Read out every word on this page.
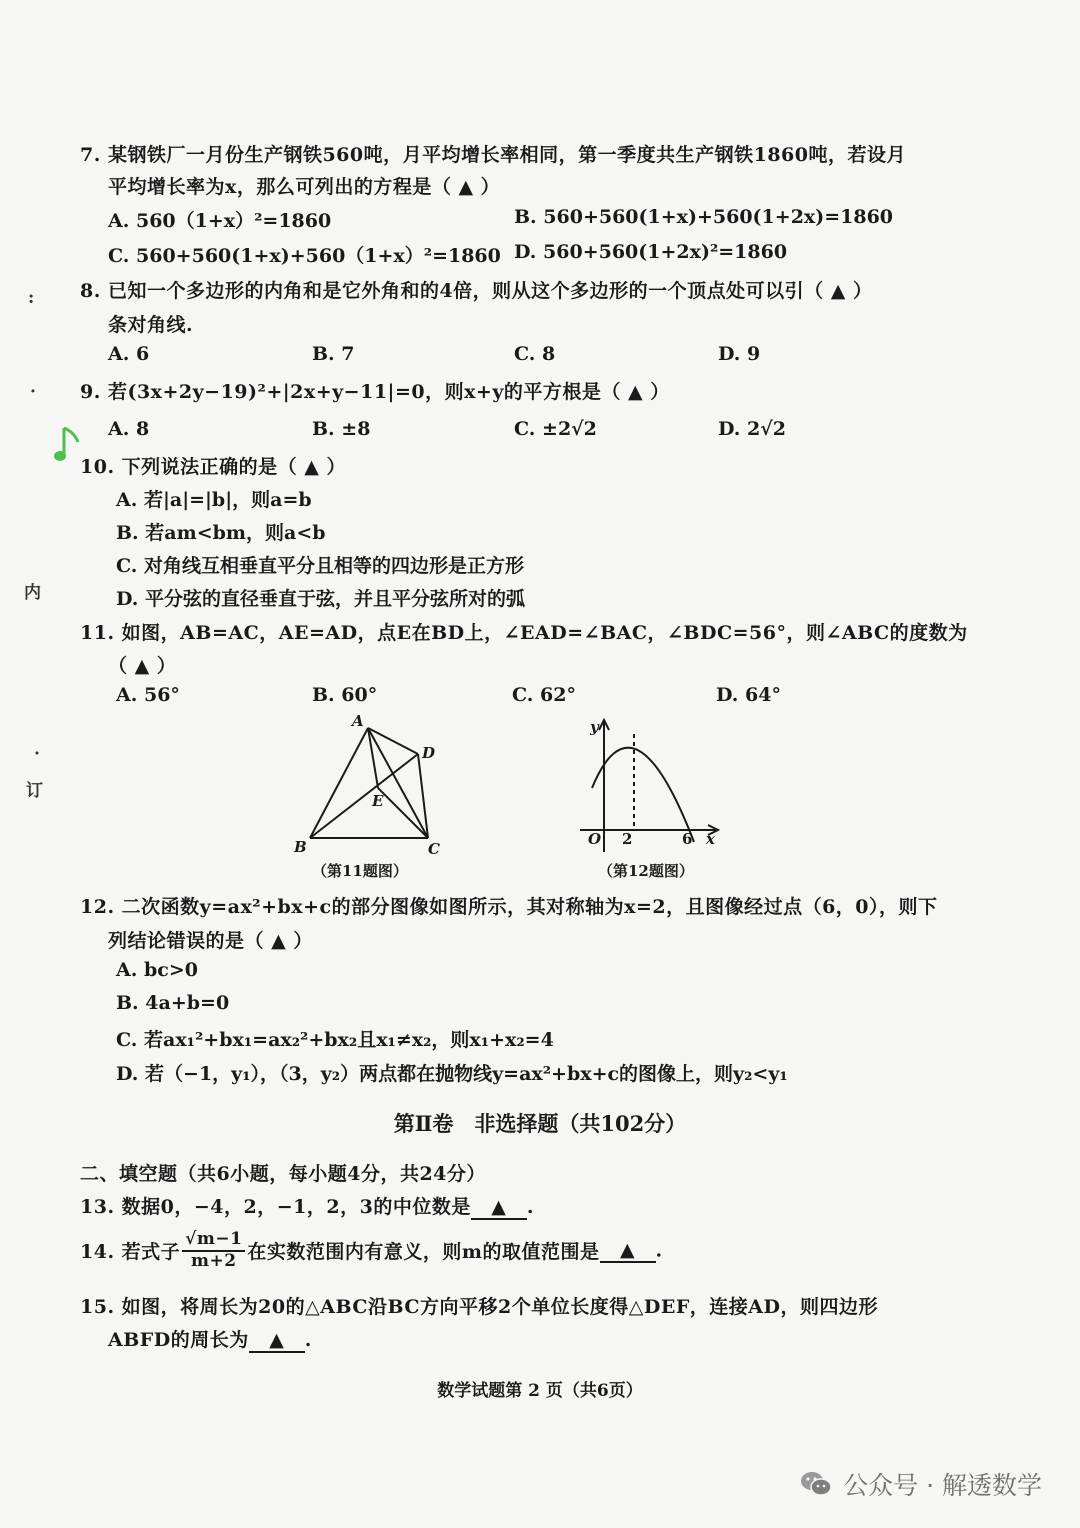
:
·
内
·
订
7. 某钢铁厂一月份生产钢铁560吨，月平均增长率相同，第一季度共生产钢铁1860吨，若设月
平均增长率为x，那么可列出的方程是（ ▲ ）
A. 560（1+x）²=1860	B. 560+560(1+x)+560(1+2x)=1860
C. 560+560(1+x)+560（1+x）²=1860 D. 560+560(1+2x)²=1860
8. 已知一个多边形的内角和是它外角和的4倍，则从这个多边形的一个顶点处可以引（ ▲ ）
条对角线.
A. 6	B. 7	C. 8	D. 9
9. 若(3x+2y−19)²+|2x+y−11|=0，则x+y的平方根是（ ▲ ）
A. 8	B. ±8	C. ±2√2	D. 2√2
10. 下列说法正确的是（ ▲ ）
A. 若|a|=|b|，则a=b
B. 若am<bm，则a<b
C. 对角线互相垂直平分且相等的四边形是正方形
D. 平分弦的直径垂直于弦，并且平分弦所对的弧
11. 如图，AB=AC，AE=AD，点E在BD上，∠EAD=∠BAC，∠BDC=56°，则∠ABC的度数为
（ ▲ ）
A. 56°	B. 60°	C. 62°	D. 64°
A
D
E
B	C
（第11题图）
y
O 2	6 x
（第12题图）
12. 二次函数y=ax²+bx+c的部分图像如图所示，其对称轴为x=2，且图像经过点（6，0），则下
列结论错误的是（ ▲ ）
A. bc>0
B. 4a+b=0
C. 若ax₁²+bx₁=ax₂²+bx₂且x₁≠x₂，则x₁+x₂=4
D. 若（−1，y₁），（3，y₂）两点都在抛物线y=ax²+bx+c的图像上，则y₂<y₁
第Ⅱ卷　非选择题（共102分）
二、填空题（共6小题，每小题4分，共24分）
13. 数据0，−4，2，−1，2，3的中位数是 ▲ .
14. 若式子 $\frac{√m-1}{m+2}$ 在实数范围内有意义，则m的取值范围是 ▲ .
15. 如图，将周长为20的△ABC沿BC方向平移2个单位长度得△DEF，连接AD，则四边形
ABFD的周长为 ▲ .
数学试题第 2 页（共6页）
公众号 · 解透数学
